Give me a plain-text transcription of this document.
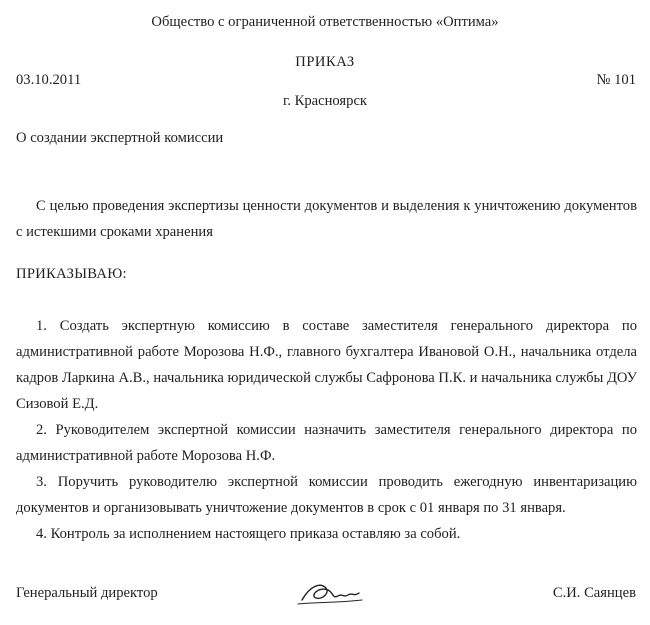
Общество с ограниченной ответственностью «Оптима»
ПРИКАЗ
03.10.2011	№ 101
г. Красноярск
О создании экспертной комиссии
С целью проведения экспертизы ценности документов и выделения к уничтожению документов с истекшими сроками хранения
ПРИКАЗЫВАЮ:
1. Создать экспертную комиссию в составе заместителя генерального директора по административной работе Морозова Н.Ф., главного бухгалтера Ивановой О.Н., начальника отдела кадров Ларкина А.В., начальника юридической службы Сафронова П.К. и начальника службы ДОУ Сизовой Е.Д.
2. Руководителем экспертной комиссии назначить заместителя генерального директора по административной работе Морозова Н.Ф.
3. Поручить руководителю экспертной комиссии проводить ежегодную инвентаризацию документов и организовывать уничтожение документов в срок с 01 января по 31 января.
4. Контроль за исполнением настоящего приказа оставляю за собой.
Генеральный директор	С.И. Саянцев
